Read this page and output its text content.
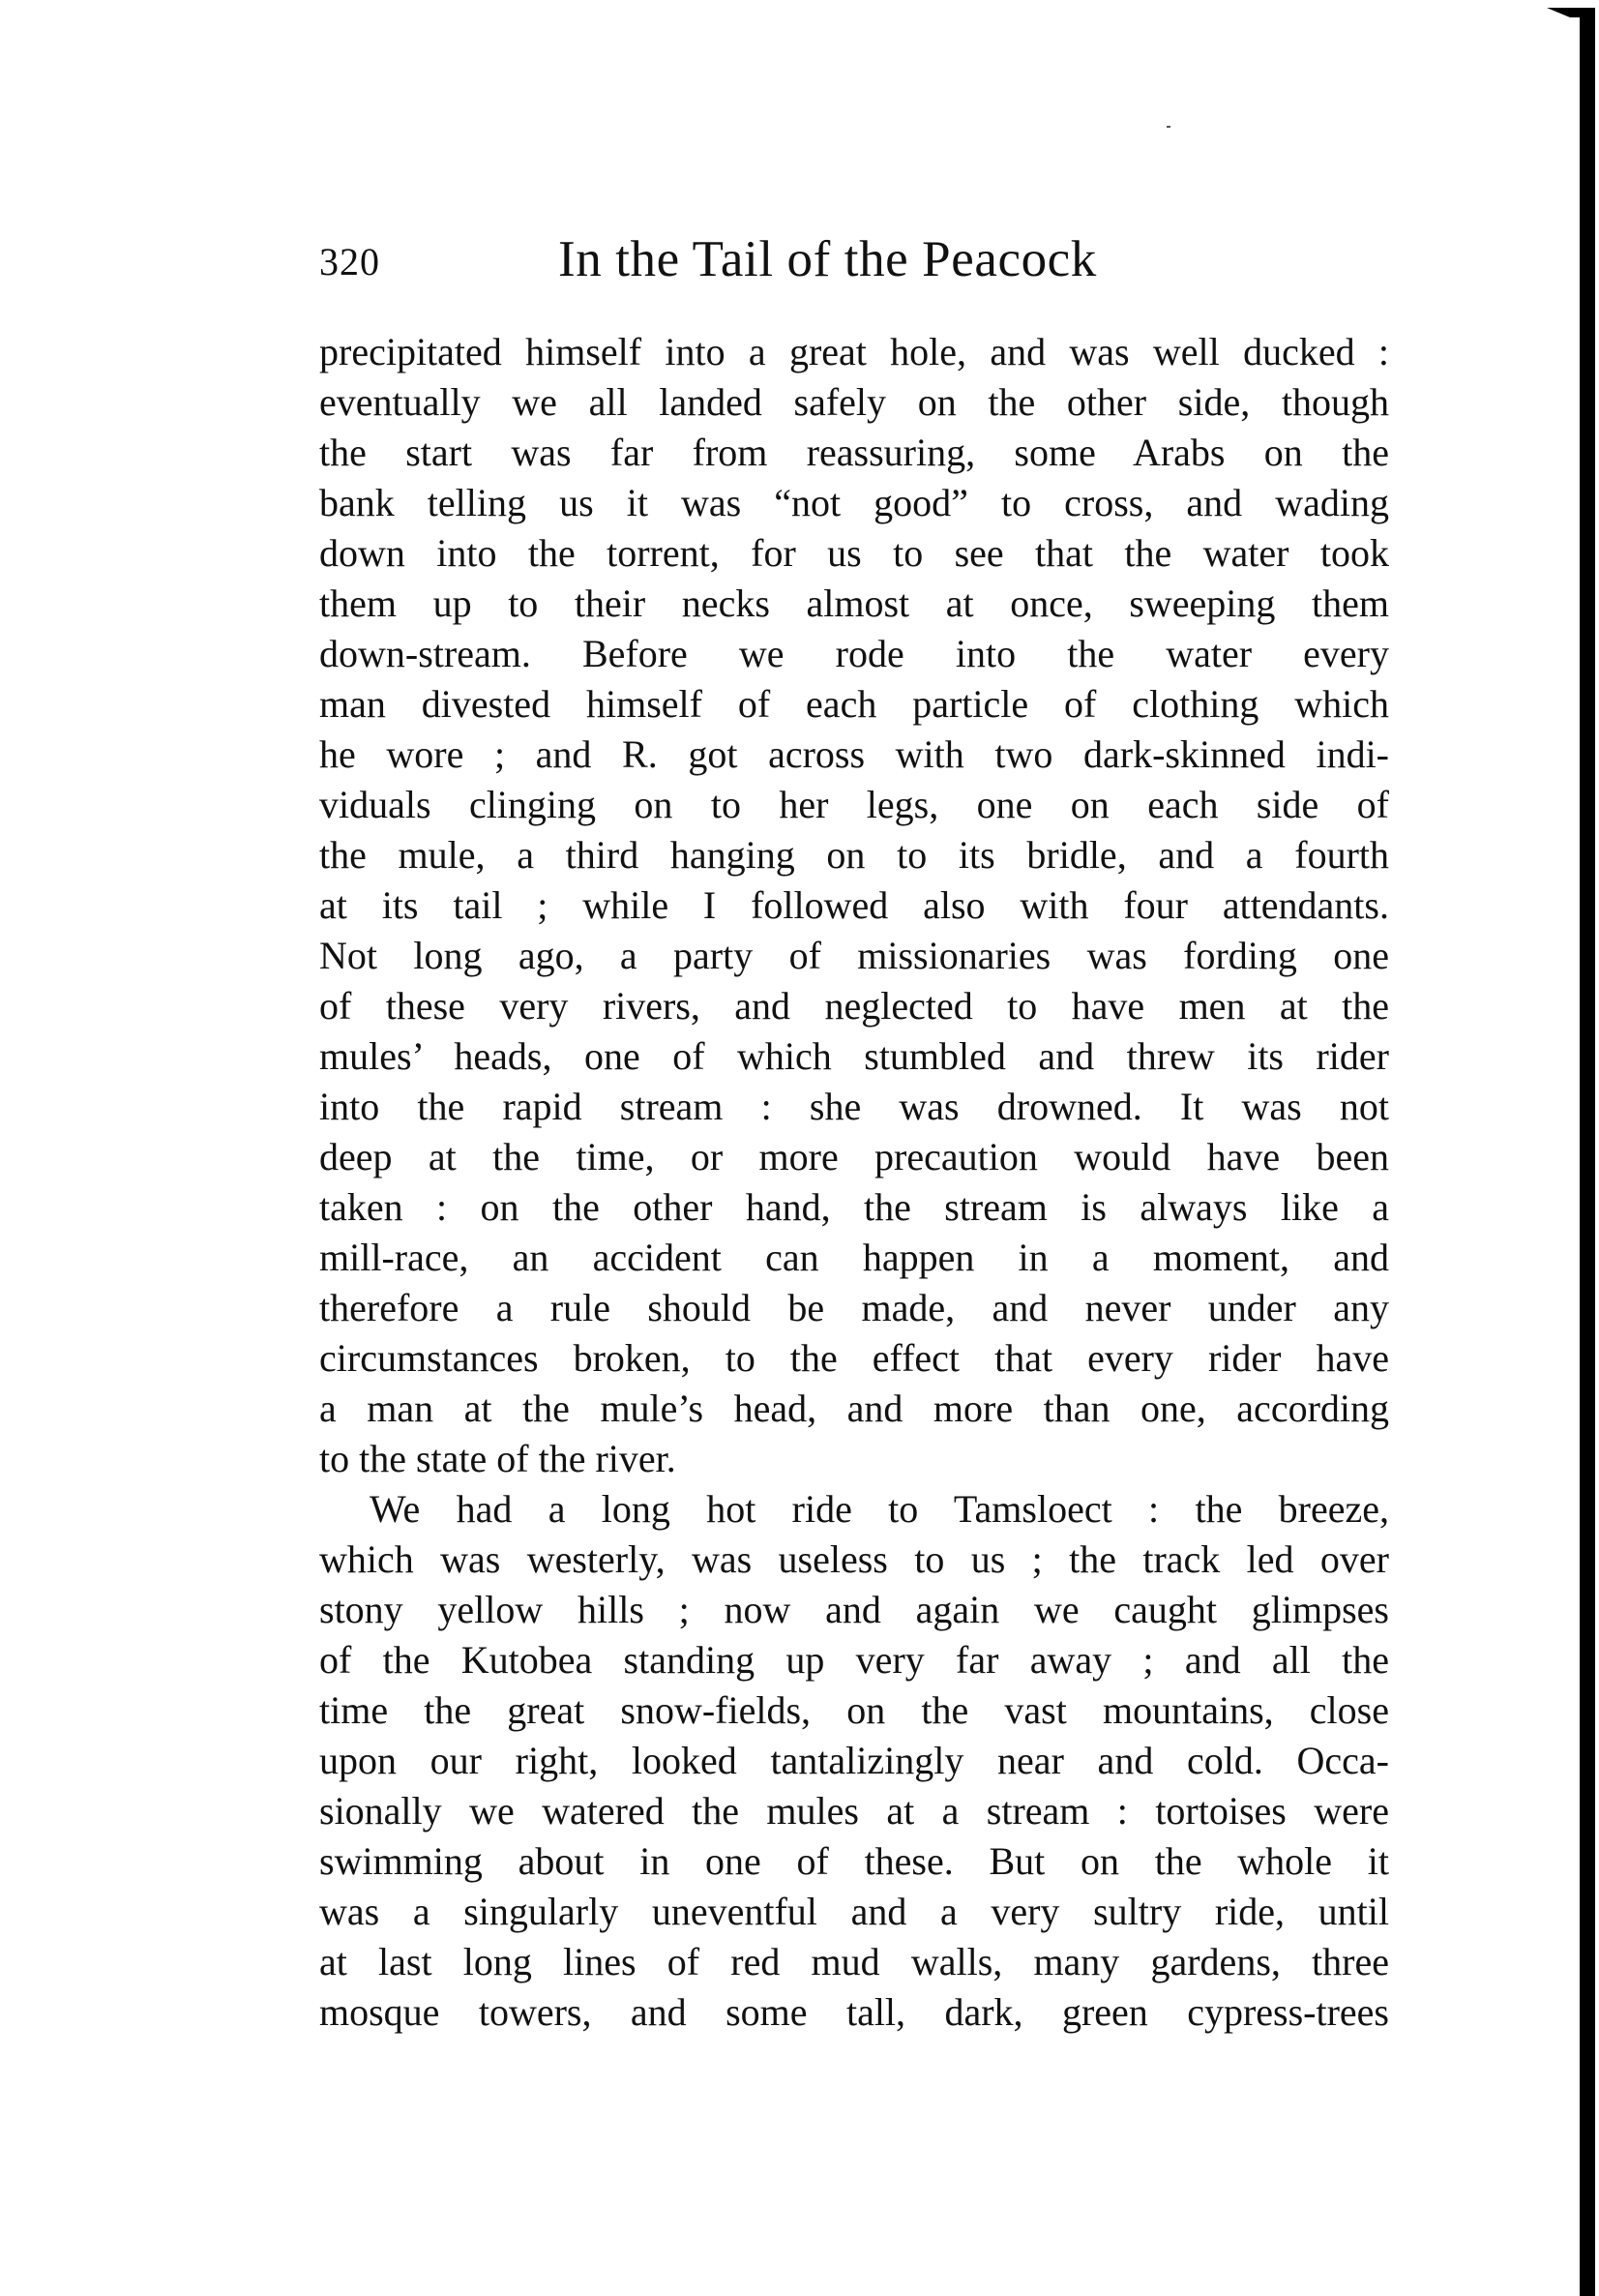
320	In the Tail of the Peacock
precipitated himself into a great hole, and was well ducked :
eventually we all landed safely on the other side, though
the start was far from reassuring, some Arabs on the
bank telling us it was “not good” to cross, and wading
down into the torrent, for us to see that the water took
them up to their necks almost at once, sweeping them
down-stream. Before we rode into the water every
man divested himself of each particle of clothing which
he wore ; and R. got across with two dark-skinned indi-
viduals clinging on to her legs, one on each side of
the mule, a third hanging on to its bridle, and a fourth
at its tail ; while I followed also with four attendants.
Not long ago, a party of missionaries was fording one
of these very rivers, and neglected to have men at the
mules’ heads, one of which stumbled and threw its rider
into the rapid stream : she was drowned. It was not
deep at the time, or more precaution would have been
taken : on the other hand, the stream is always like a
mill-race, an accident can happen in a moment, and
therefore a rule should be made, and never under any
circumstances broken, to the effect that every rider have
a man at the mule’s head, and more than one, according
to the state of the river.
We had a long hot ride to Tamsloect : the breeze,
which was westerly, was useless to us ; the track led over
stony yellow hills ; now and again we caught glimpses
of the Kutobea standing up very far away ; and all the
time the great snow-fields, on the vast mountains, close
upon our right, looked tantalizingly near and cold. Occa-
sionally we watered the mules at a stream : tortoises were
swimming about in one of these. But on the whole it
was a singularly uneventful and a very sultry ride, until
at last long lines of red mud walls, many gardens, three
mosque towers, and some tall, dark, green cypress-trees
